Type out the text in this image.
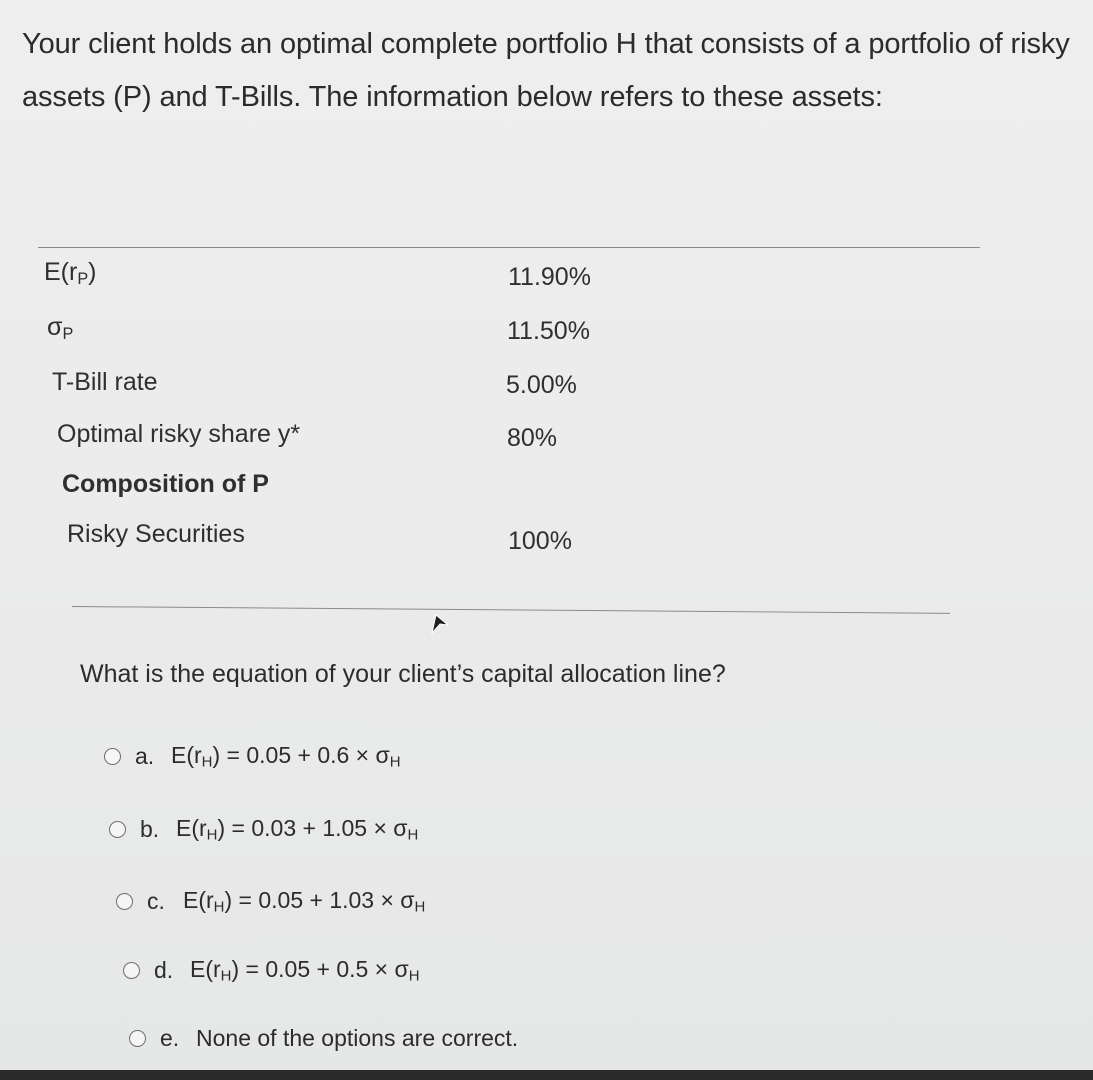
Your client holds an optimal complete portfolio H that consists of a portfolio of risky assets (P) and T-Bills. The information below refers to these assets:
$E(r_P)$	11.90%
$\sigma_P$	11.50%
T-Bill rate	5.00%
Optimal risky share y*	80%
Composition of P
Risky Securities	100%
What is the equation of your client’s capital allocation line?
a. $E(r_H) = 0.05 + 0.6 \times \sigma_H$
b. $E(r_H) = 0.03 + 1.05 \times \sigma_H$
c. $E(r_H) = 0.05 + 1.03 \times \sigma_H$
d. $E(r_H) = 0.05 + 0.5 \times \sigma_H$
e. None of the options are correct.
